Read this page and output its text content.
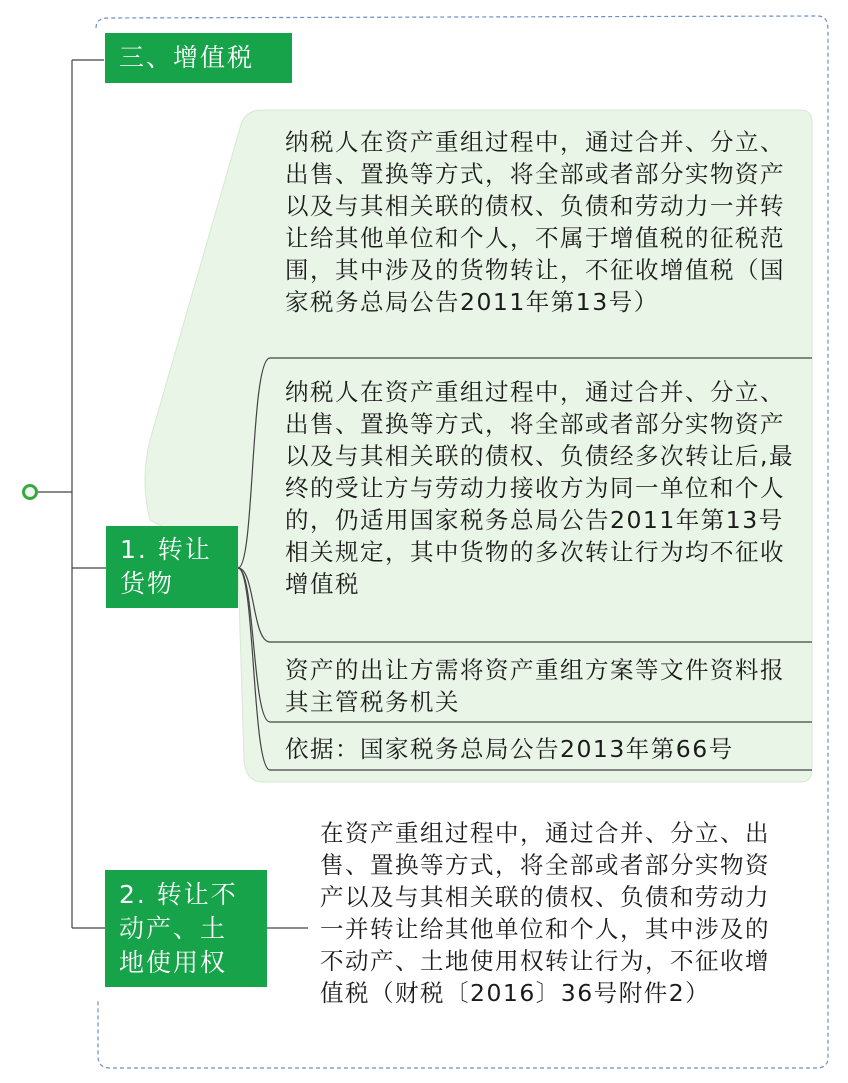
三、增值税
1. 转让
货物
纳税人在资产重组过程中，通过合并、分立、出售、置换等方式，将全部或者部分实物资产以及与其相关联的债权、负债和劳动力一并转让给其他单位和个人，不属于增值税的征税范围，其中涉及的货物转让，不征收增值税（国家税务总局公告2011年第13号）
纳税人在资产重组过程中，通过合并、分立、出售、置换等方式，将全部或者部分实物资产以及与其相关联的债权、负债经多次转让后,最终的受让方与劳动力接收方为同一单位和个人的，仍适用国家税务总局公告2011年第13号相关规定，其中货物的多次转让行为均不征收增值税
资产的出让方需将资产重组方案等文件资料报其主管税务机关
依据：国家税务总局公告2013年第66号
2. 转让不
动产、土
地使用权
在资产重组过程中，通过合并、分立、出售、置换等方式，将全部或者部分实物资产以及与其相关联的债权、负债和劳动力一并转让给其他单位和个人，其中涉及的不动产、土地使用权转让行为，不征收增值税（财税〔2016〕36号附件2）
